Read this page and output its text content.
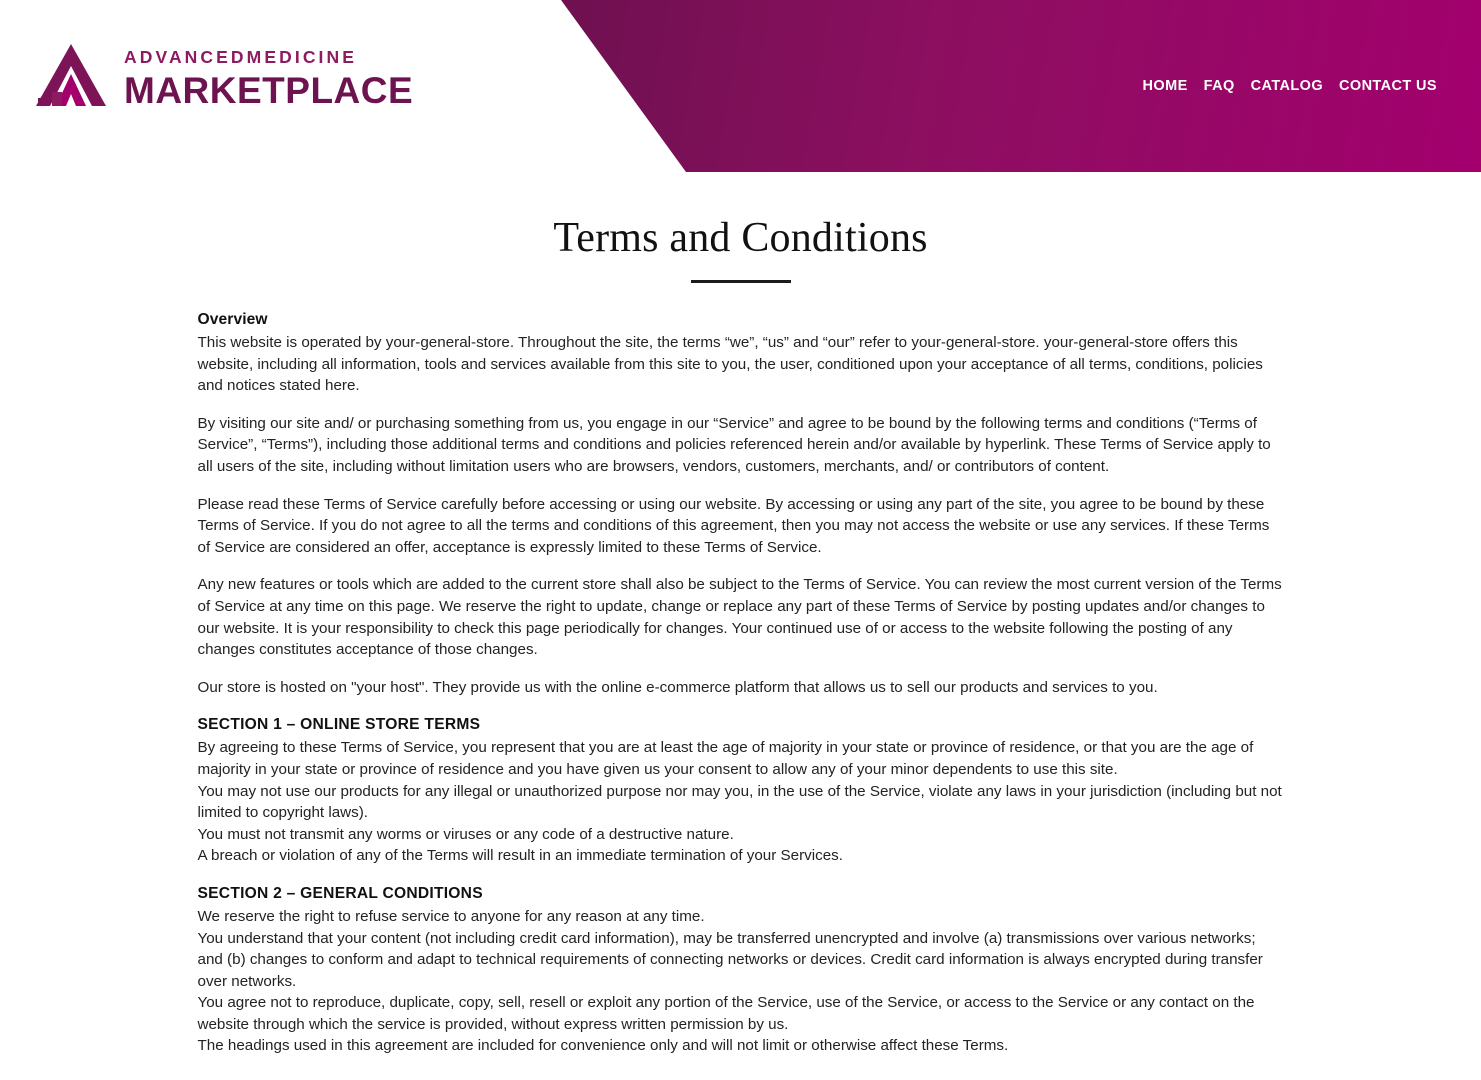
ADVANCEDMEDICINE
MARKETPLACE	HOME FAQ CATALOG CONTACT US
Terms and Conditions
Overview

This website is operated by your-general-store. Throughout the site, the terms “we”, “us” and “our” refer to your-general-store. your-general-store offers this website, including all information, tools and services available from this site to you, the user, conditioned upon your acceptance of all terms, conditions, policies and notices stated here.

By visiting our site and/ or purchasing something from us, you engage in our “Service” and agree to be bound by the following terms and conditions (“Terms of Service”, “Terms”), including those additional terms and conditions and policies referenced herein and/or available by hyperlink. These Terms of Service apply to all users of the site, including without limitation users who are browsers, vendors, customers, merchants, and/ or contributors of content.

Please read these Terms of Service carefully before accessing or using our website. By accessing or using any part of the site, you agree to be bound by these Terms of Service. If you do not agree to all the terms and conditions of this agreement, then you may not access the website or use any services. If these Terms of Service are considered an offer, acceptance is expressly limited to these Terms of Service.

Any new features or tools which are added to the current store shall also be subject to the Terms of Service. You can review the most current version of the Terms of Service at any time on this page. We reserve the right to update, change or replace any part of these Terms of Service by posting updates and/or changes to our website. It is your responsibility to check this page periodically for changes. Your continued use of or access to the website following the posting of any changes constitutes acceptance of those changes.

Our store is hosted on "your host". They provide us with the online e-commerce platform that allows us to sell our products and services to you.

SECTION 1 – ONLINE STORE TERMS

By agreeing to these Terms of Service, you represent that you are at least the age of majority in your state or province of residence, or that you are the age of majority in your state or province of residence and you have given us your consent to allow any of your minor dependents to use this site.

You may not use our products for any illegal or unauthorized purpose nor may you, in the use of the Service, violate any laws in your jurisdiction (including but not limited to copyright laws).

You must not transmit any worms or viruses or any code of a destructive nature.

A breach or violation of any of the Terms will result in an immediate termination of your Services.

SECTION 2 – GENERAL CONDITIONS

We reserve the right to refuse service to anyone for any reason at any time.

You understand that your content (not including credit card information), may be transferred unencrypted and involve (a) transmissions over various networks; and (b) changes to conform and adapt to technical requirements of connecting networks or devices. Credit card information is always encrypted during transfer over networks.

You agree not to reproduce, duplicate, copy, sell, resell or exploit any portion of the Service, use of the Service, or access to the Service or any contact on the website through which the service is provided, without express written permission by us.

The headings used in this agreement are included for convenience only and will not limit or otherwise affect these Terms.
